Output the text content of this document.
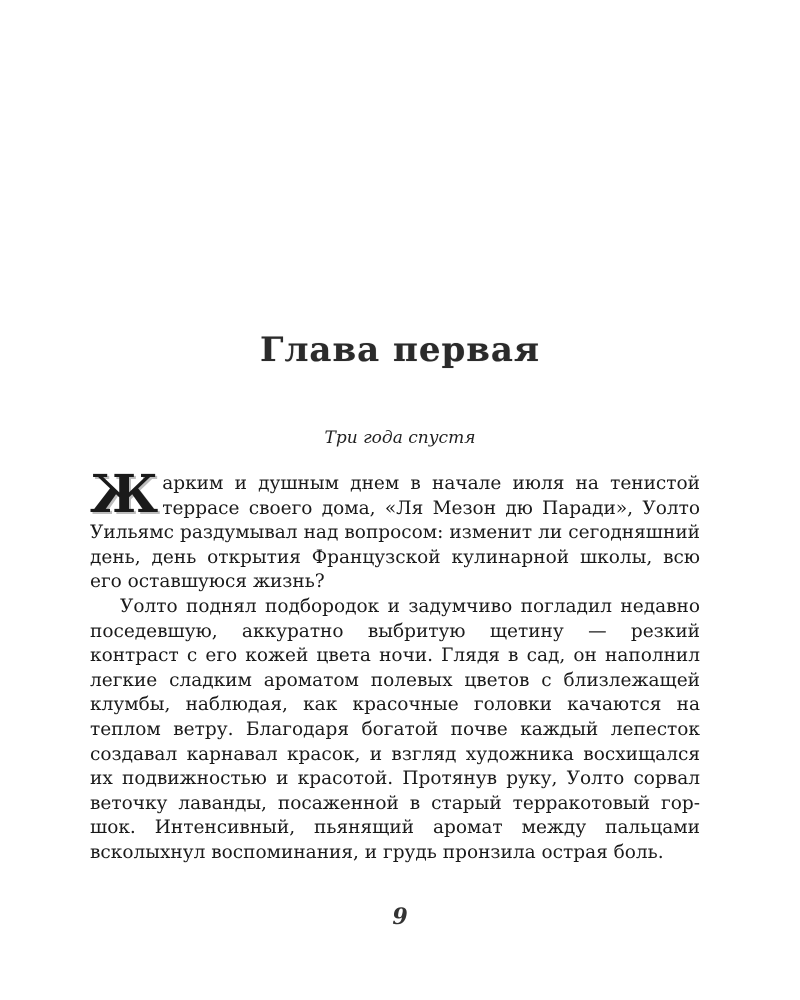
Глава первая
Три года спустя

Жарким и душным днем в начале июля на тенистой террасе своего дома, «Ля Мезон дю Паради», Уолто Уильямс раздумывал над вопросом: изменит ли сегодняшний день, день открытия Французской кулинарной школы, всю его оставшуюся жизнь?

Уолто поднял подбородок и задумчиво погладил недавно поседевшую, аккуратно выбритую щетину — резкий контраст с его кожей цвета ночи. Глядя в сад, он наполнил легкие сладким ароматом полевых цветов с близлежащей клумбы, наблюдая, как красочные головки качаются на теплом ветру. Благодаря богатой почве каждый лепесток создавал карнавал красок, и взгляд художника восхищался их подвижностью и красотой. Протянув руку, Уолто сорвал веточку лаванды, посаженной в старый терракотовый горшок. Интенсивный, пьянящий аромат между пальцами всколыхнул воспоминания, и грудь пронзила острая боль.

9
